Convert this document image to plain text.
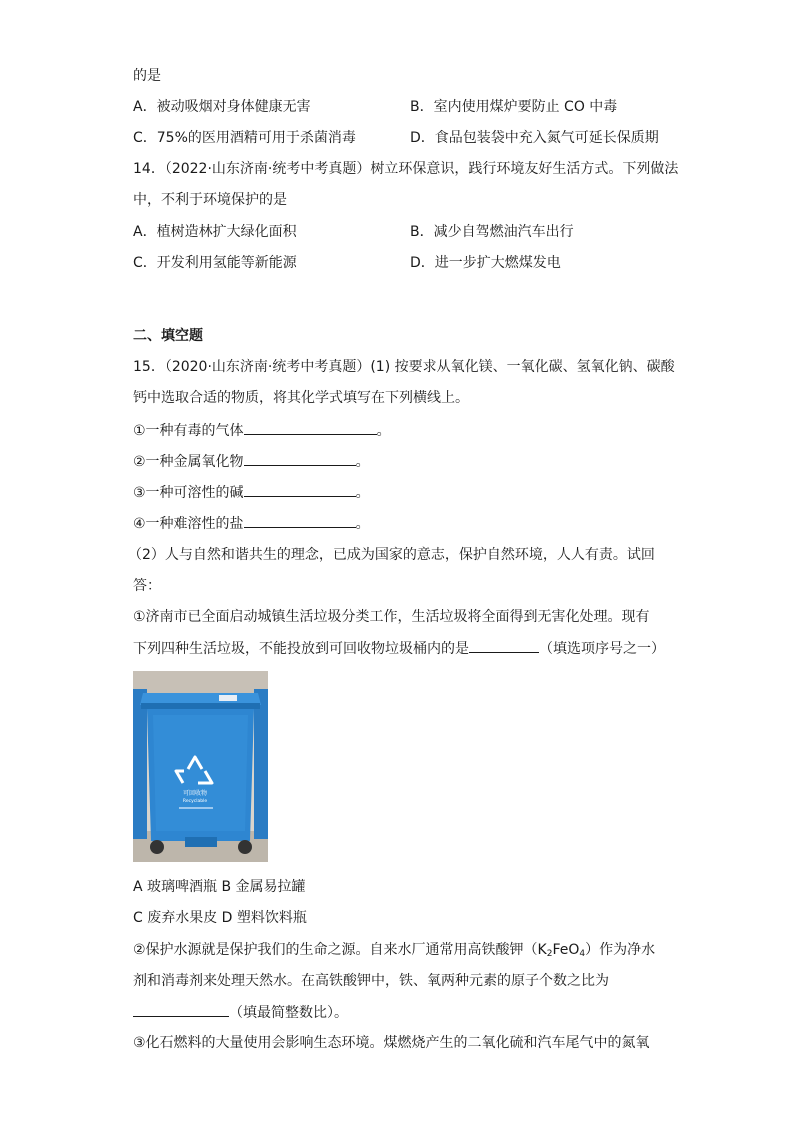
的是
A．被动吸烟对身体健康无害	B．室内使用煤炉要防止 CO 中毒
C．75%的医用酒精可用于杀菌消毒	D．食品包装袋中充入氮气可延长保质期
14．（2022·山东济南·统考中考真题）树立环保意识，践行环境友好生活方式。下列做法
中，不利于环境保护的是
A．植树造林扩大绿化面积	B．减少自驾燃油汽车出行
C．开发利用氢能等新能源	D．进一步扩大燃煤发电
二、填空题
15．（2020·山东济南·统考中考真题）(1) 按要求从氧化镁、一氧化碳、氢氧化钠、碳酸
钙中选取合适的物质，将其化学式填写在下列横线上。
①一种有毒的气体	。
②一种金属氧化物	。
③一种可溶性的碱	。
④一种难溶性的盐	。
（2）人与自然和谐共生的理念，已成为国家的意志，保护自然环境，人人有责。试回
答：
①济南市已全面启动城镇生活垃圾分类工作，生活垃圾将全面得到无害化处理。现有
下列四种生活垃圾，不能投放到可回收物垃圾桶内的是	（填选项序号之一）
可回收物
Recyclable
A 玻璃啤酒瓶 B 金属易拉罐
C 废弃水果皮 D 塑料饮料瓶
②保护水源就是保护我们的生命之源。自来水厂通常用高铁酸钾$(K_2FeO_4)$作为净水
剂和消毒剂来处理天然水。在高铁酸钾中，铁、氧两种元素的原子个数之比为
（填最简整数比）。
③化石燃料的大量使用会影响生态环境。煤燃烧产生的二氧化硫和汽车尾气中的氮氧
